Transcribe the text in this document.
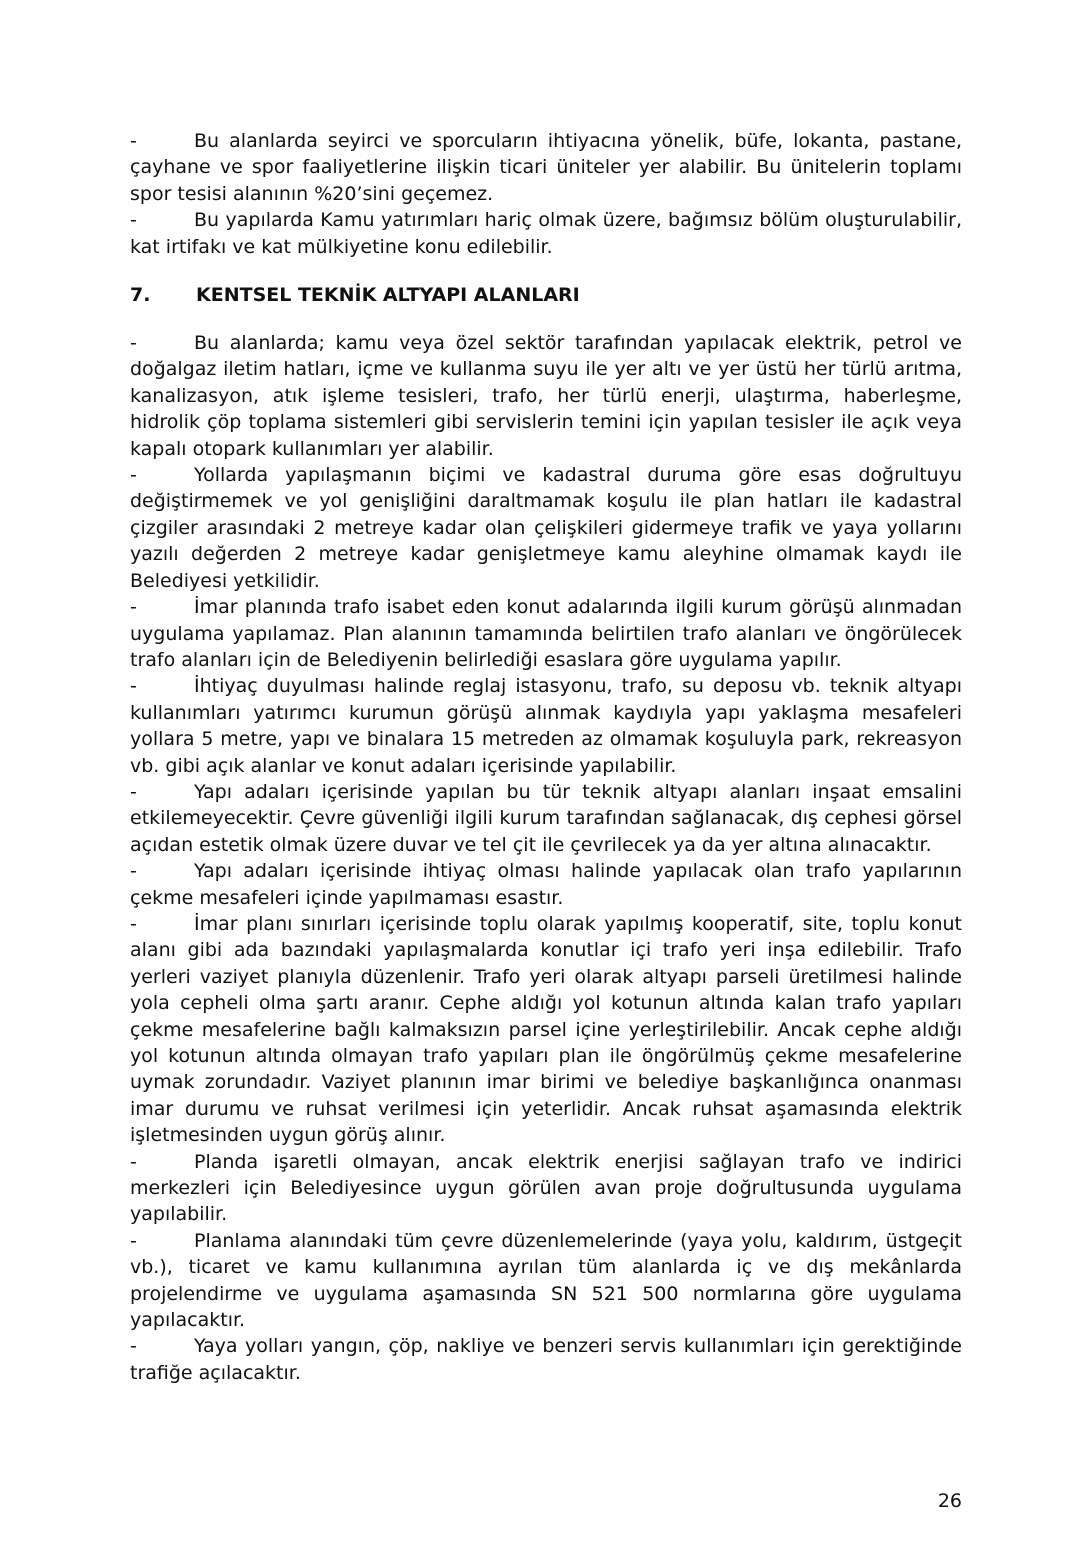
-	Bu alanlarda seyirci ve sporcuların ihtiyacına yönelik, büfe, lokanta, pastane, çayhane ve spor faaliyetlerine ilişkin ticari üniteler yer alabilir. Bu ünitelerin toplamı spor tesisi alanının %20’sini geçemez.

-	Bu yapılarda Kamu yatırımları hariç olmak üzere, bağımsız bölüm oluşturulabilir, kat irtifakı ve kat mülkiyetine konu edilebilir.

7.	KENTSEL TEKNİK ALTYAPI ALANLARI

-	Bu alanlarda; kamu veya özel sektör tarafından yapılacak elektrik, petrol ve doğalgaz iletim hatları, içme ve kullanma suyu ile yer altı ve yer üstü her türlü arıtma, kanalizasyon, atık işleme tesisleri, trafo, her türlü enerji, ulaştırma, haberleşme, hidrolik çöp toplama sistemleri gibi servislerin temini için yapılan tesisler ile açık veya kapalı otopark kullanımları yer alabilir.

-	Yollarda yapılaşmanın biçimi ve kadastral duruma göre esas doğrultuyu değiştirmemek ve yol genişliğini daraltmamak koşulu ile plan hatları ile kadastral çizgiler arasındaki 2 metreye kadar olan çelişkileri gidermeye trafik ve yaya yollarını yazılı değerden 2 metreye kadar genişletmeye kamu aleyhine olmamak kaydı ile Belediyesi yetkilidir.

-	İmar planında trafo isabet eden konut adalarında ilgili kurum görüşü alınmadan uygulama yapılamaz. Plan alanının tamamında belirtilen trafo alanları ve öngörülecek trafo alanları için de Belediyenin belirlediği esaslara göre uygulama yapılır.

-	İhtiyaç duyulması halinde reglaj istasyonu, trafo, su deposu vb. teknik altyapı kullanımları yatırımcı kurumun görüşü alınmak kaydıyla yapı yaklaşma mesafeleri yollara 5 metre, yapı ve binalara 15 metreden az olmamak koşuluyla park, rekreasyon vb. gibi açık alanlar ve konut adaları içerisinde yapılabilir.

-	Yapı adaları içerisinde yapılan bu tür teknik altyapı alanları inşaat emsalini etkilemeyecektir. Çevre güvenliği ilgili kurum tarafından sağlanacak, dış cephesi görsel açıdan estetik olmak üzere duvar ve tel çit ile çevrilecek ya da yer altına alınacaktır.

-	Yapı adaları içerisinde ihtiyaç olması halinde yapılacak olan trafo yapılarının çekme mesafeleri içinde yapılmaması esastır.

-	İmar planı sınırları içerisinde toplu olarak yapılmış kooperatif, site, toplu konut alanı gibi ada bazındaki yapılaşmalarda konutlar içi trafo yeri inşa edilebilir. Trafo yerleri vaziyet planıyla düzenlenir. Trafo yeri olarak altyapı parseli üretilmesi halinde yola cepheli olma şartı aranır. Cephe aldığı yol kotunun altında kalan trafo yapıları çekme mesafelerine bağlı kalmaksızın parsel içine yerleştirilebilir. Ancak cephe aldığı yol kotunun altında olmayan trafo yapıları plan ile öngörülmüş çekme mesafelerine uymak zorundadır. Vaziyet planının imar birimi ve belediye başkanlığınca onanması imar durumu ve ruhsat verilmesi için yeterlidir. Ancak ruhsat aşamasında elektrik işletmesinden uygun görüş alınır.

-	Planda işaretli olmayan, ancak elektrik enerjisi sağlayan trafo ve indirici merkezleri için Belediyesince uygun görülen avan proje doğrultusunda uygulama yapılabilir.

-	Planlama alanındaki tüm çevre düzenlemelerinde (yaya yolu, kaldırım, üstgeçit vb.), ticaret ve kamu kullanımına ayrılan tüm alanlarda iç ve dış mekânlarda projelendirme ve uygulama aşamasında SN 521 500 normlarına göre uygulama yapılacaktır.

-	Yaya yolları yangın, çöp, nakliye ve benzeri servis kullanımları için gerektiğinde trafiğe açılacaktır.

26
